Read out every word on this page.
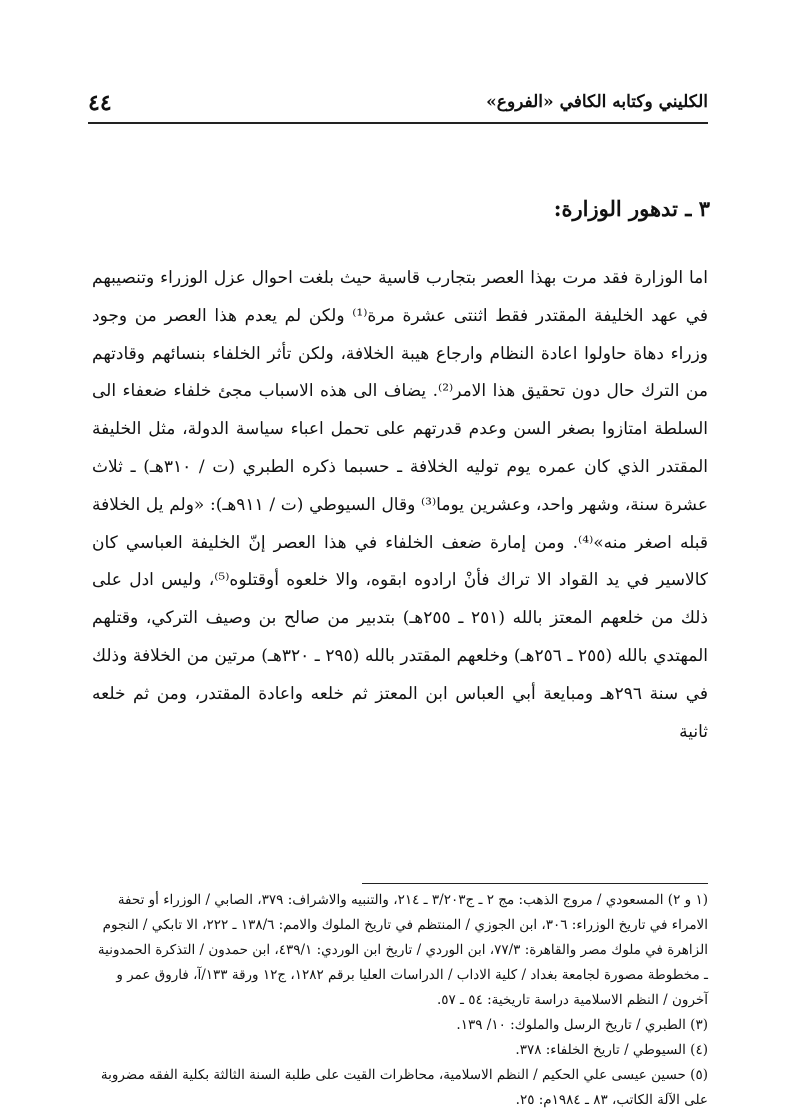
٤٤	الكليني وكتابه الكافي «الفروع»
٣ ـ تدهور الوزارة:

اما الوزارة فقد مرت بهذا العصر بتجارب قاسية حيث بلغت احوال عزل الوزراء وتنصيبهم في عهد الخليفة المقتدر فقط اثنتى عشرة مرة⁽¹⁾ ولكن لم يعدم هذا العصر من وجود وزراء دهاة حاولوا اعادة النظام وارجاع هيبة الخلافة، ولكن تأثر الخلفاء بنسائهم وقادتهم من الترك حال دون تحقيق هذا الامر⁽²⁾. يضاف الى هذه الاسباب مجئ خلفاء ضعفاء الى السلطة امتازوا بصغر السن وعدم قدرتهم على تحمل اعباء سياسة الدولة، مثل الخليفة المقتدر الذي كان عمره يوم توليه الخلافة ـ حسبما ذكره الطبري (ت / ٣١٠هـ) ـ ثلاث عشرة سنة، وشهر واحد، وعشرين يوما⁽³⁾ وقال السيوطي (ت / ٩١١هـ): «ولم يل الخلافة قبله اصغر منه»⁽⁴⁾. ومن إمارة ضعف الخلفاء في هذا العصر إنّ الخليفة العباسي كان كالاسير في يد القواد الا تراك فأنْ ارادوه ابقوه، والا خلعوه أوقتلوه⁽⁵⁾، وليس ادل على ذلك من خلعهم المعتز بالله (٢٥١ ـ ٢٥٥هـ) بتدبير من صالح بن وصيف التركي، وقتلهم المهتدي بالله (٢٥٥ ـ ٢٥٦هـ) وخلعهم المقتدر بالله (٢٩٥ ـ ٣٢٠هـ) مرتين من الخلافة وذلك في سنة ٢٩٦هـ ومبايعة أبي العباس ابن المعتز ثم خلعه واعادة المقتدر، ومن ثم خلعه ثانية

(١ و ٢) المسعودي / مروج الذهب: مج ٢ ـ ج٣/٢٠٣ ـ ٢١٤، والتنبيه والاشراف: ٣٧٩، الصابي / الوزراء أو تحفة الامراء في تاريخ الوزراء: ٣٠٦، ابن الجوزي / المنتظم في تاريخ الملوك والامم: ١٣٨/٦ ـ ٢٢٢، الا تابكي / النجوم الزاهرة في ملوك مصر والقاهرة: ٧٧/٣، ابن الوردي / تاريخ ابن الوردي: ٤٣٩/١، ابن حمدون / التذكرة الحمدونية ـ مخطوطة مصورة لجامعة بغداد / كلية الاداب / الدراسات العليا برقم ١٢٨٢، ج١٢ ورقة ١٣٣/آ، فاروق عمر و آخرون / النظم الاسلامية دراسة تاريخية: ٥٤ ـ ٥٧.

(٣) الطبري / تاريخ الرسل والملوك: ١٠/ ١٣٩.

(٤) السيوطي / تاريخ الخلفاء: ٣٧٨.

(٥) حسين عيسى علي الحكيم / النظم الاسلامية، محاظرات القيت على طلبة السنة الثالثة بكلية الفقه مضروبة على الآلة الكاتب، ٨٣ ـ ١٩٨٤م: ٢٥.
